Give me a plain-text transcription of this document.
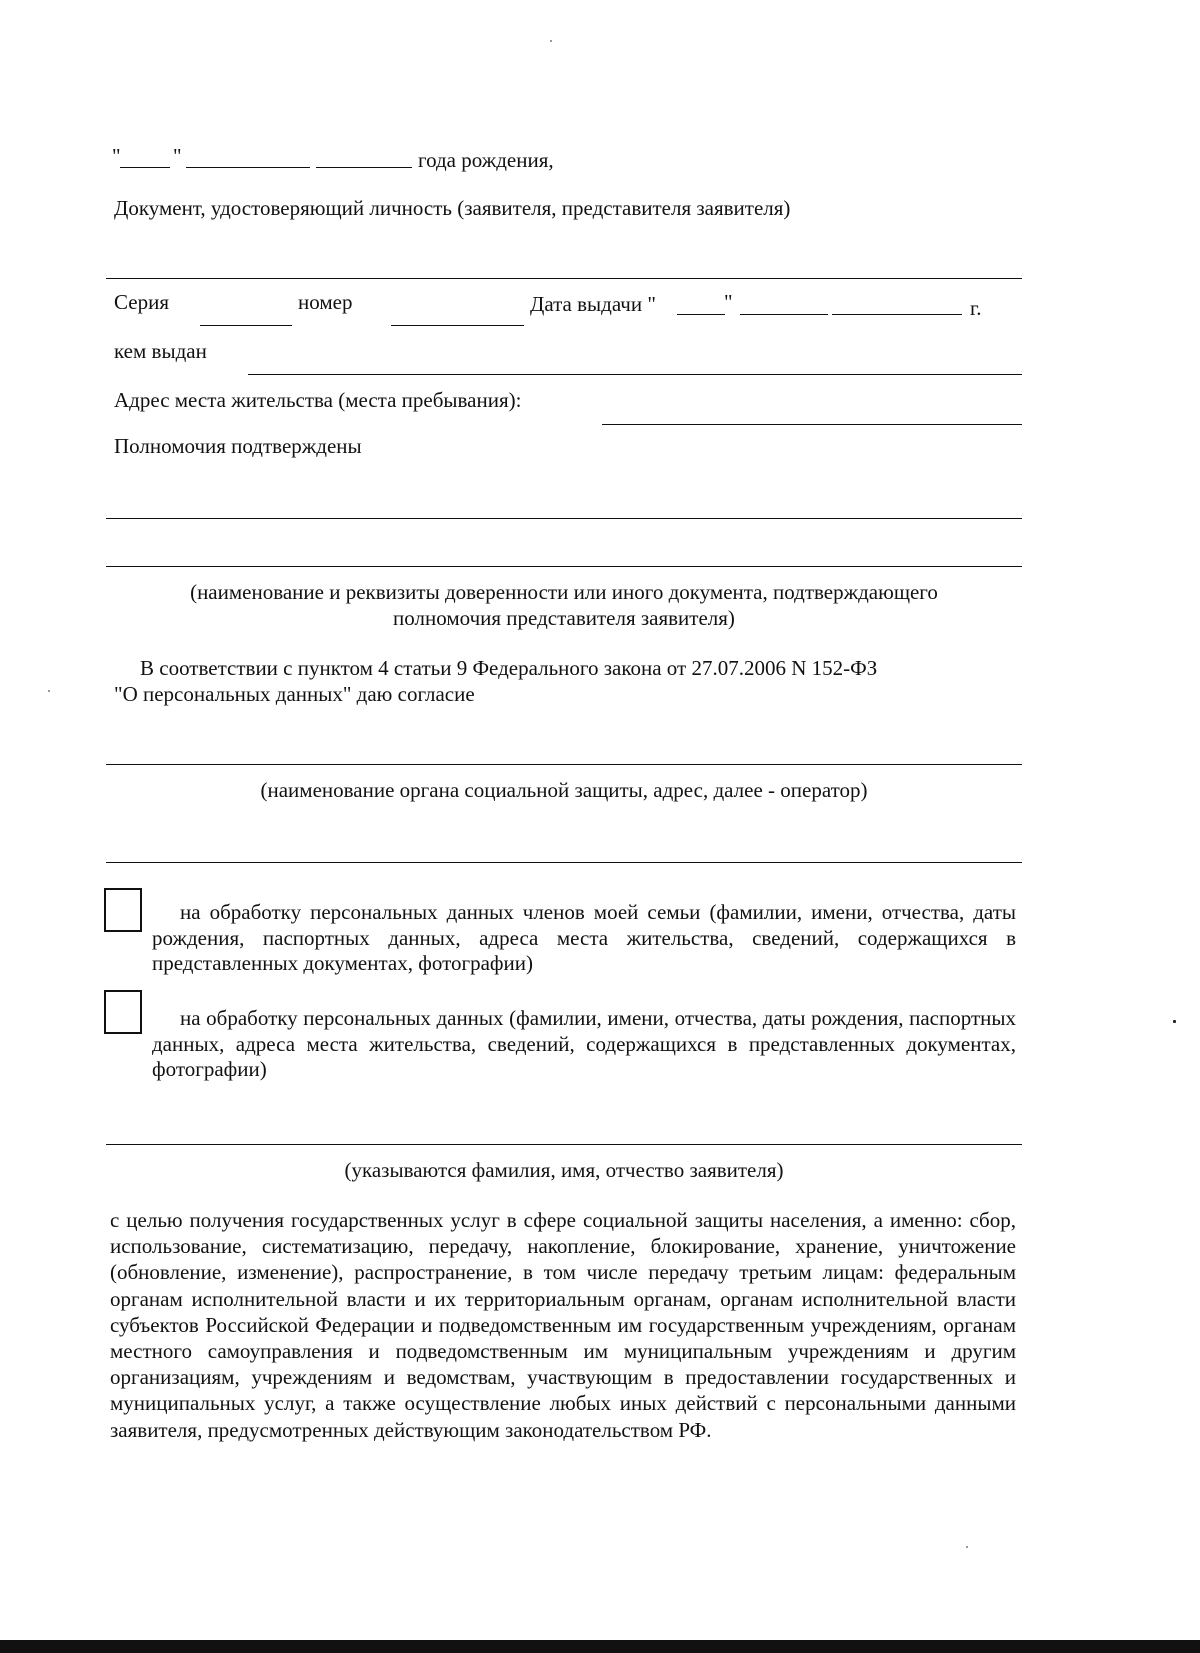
" "	года рождения,
Документ, удостоверяющий личность (заявителя, представителя заявителя)
Серия	номер	Дата выдачи "	"	г.
кем выдан
Адрес места жительства (места пребывания):
Полномочия подтверждены
(наименование и реквизиты доверенности или иного документа, подтверждающего
полномочия представителя заявителя)
В соответствии с пунктом 4 статьи 9 Федерального закона от 27.07.2006 N 152-ФЗ
"О персональных данных" даю согласие
(наименование органа социальной защиты, адрес, далее - оператор)
на обработку персональных данных членов моей семьи (фамилии, имени, отчества, даты рождения, паспортных данных, адреса места жительства, сведений, содержащихся в представленных документах, фотографии)
на обработку персональных данных (фамилии, имени, отчества, даты рождения, паспортных данных, адреса места жительства, сведений, содержащихся в представленных документах, фотографии)
(указываются фамилия, имя, отчество заявителя)
с целью получения государственных услуг в сфере социальной защиты населения, а именно: сбор, использование, систематизацию, передачу, накопление, блокирование, хранение, уничтожение (обновление, изменение), распространение, в том числе передачу третьим лицам: федеральным органам исполнительной власти и их территориальным органам, органам исполнительной власти субъектов Российской Федерации и подведомственным им государственным учреждениям, органам местного самоуправления и подведомственным им муниципальным учреждениям и другим организациям, учреждениям и ведомствам, участвующим в предоставлении государственных и муниципальных услуг, а также осуществление любых иных действий с персональными данными заявителя, предусмотренных действующим законодательством РФ.
